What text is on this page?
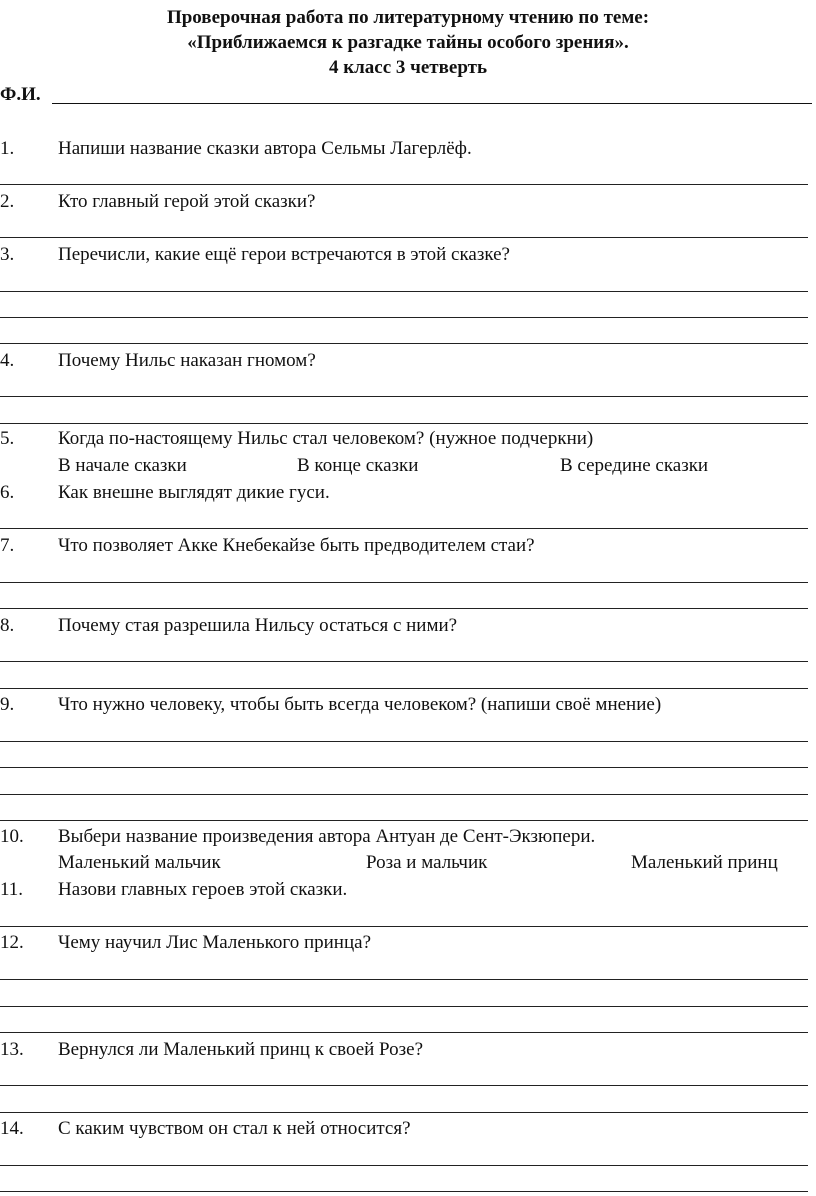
Проверочная работа по литературному чтению по теме:
«Приближаемся к разгадке тайны особого зрения».
4 класс 3 четверть
Ф.И.
1. Напиши название сказки автора Сельмы Лагерлёф.
2. Кто главный герой этой сказки?
3. Перечисли, какие ещё герои встречаются в этой сказке?
4. Почему Нильс наказан гномом?
5. Когда по-настоящему Нильс стал человеком? (нужное подчеркни)
В начале сказки	В конце сказки	В середине сказки
6. Как внешне выглядят дикие гуси.
7. Что позволяет Акке Кнебекайзе быть предводителем стаи?
8. Почему стая разрешила Нильсу остаться с ними?
9. Что нужно человеку, чтобы быть всегда человеком? (напиши своё мнение)
10. Выбери название произведения автора Антуан де Сент-Экзюпери.
Маленький мальчик	Роза и мальчик	Маленький принц
11. Назови главных героев этой сказки.
12. Чему научил Лис Маленького принца?
13. Вернулся ли Маленький принц к своей Розе?
14. С каким чувством он стал к ней относится?
